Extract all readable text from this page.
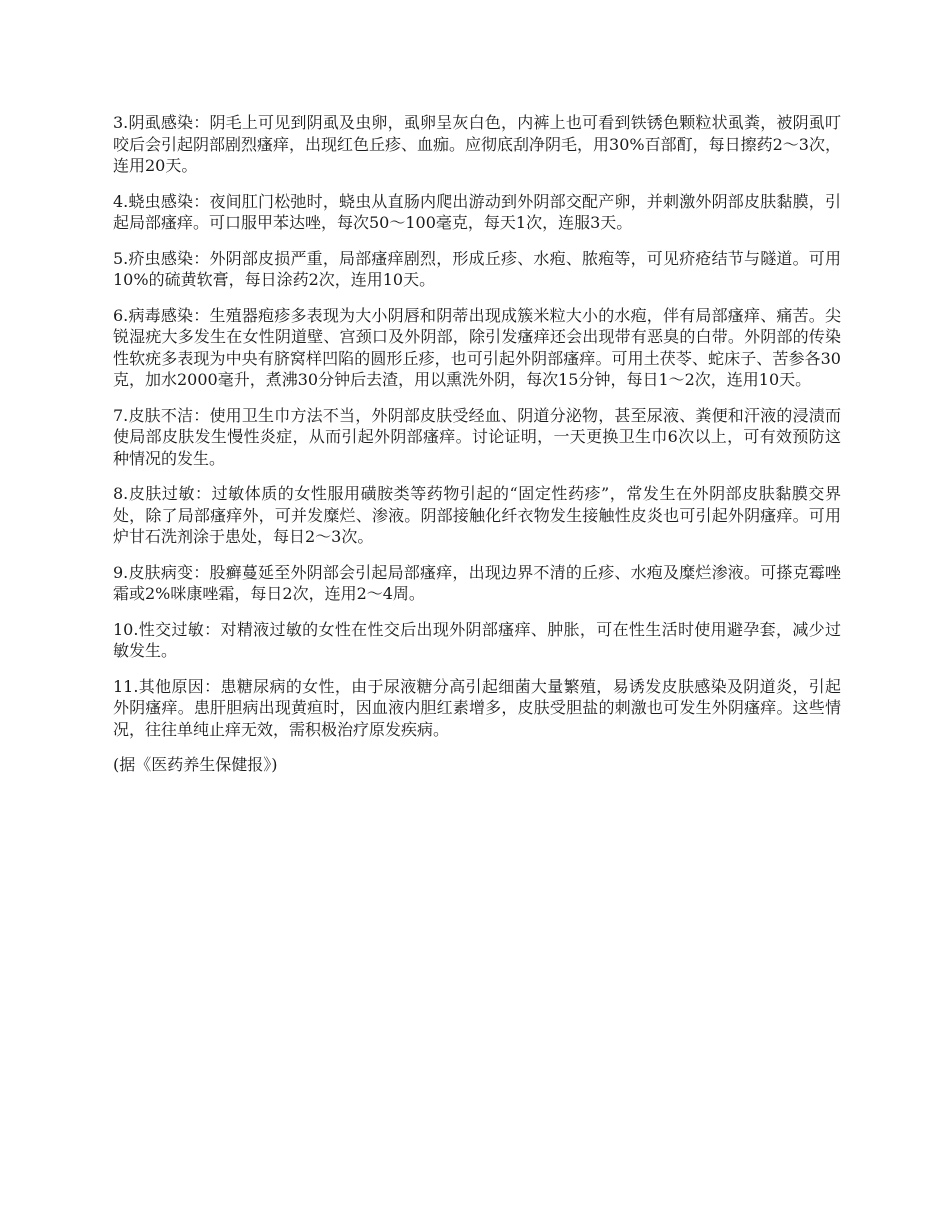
3.阴虱感染：阴毛上可见到阴虱及虫卵，虱卵呈灰白色，内裤上也可看到铁锈色颗粒状虱粪，被阴虱叮咬后会引起阴部剧烈瘙痒，出现红色丘疹、血痂。应彻底刮净阴毛，用30%百部酊，每日擦药2～3次，连用20天。

4.蛲虫感染：夜间肛门松弛时，蛲虫从直肠内爬出游动到外阴部交配产卵，并刺激外阴部皮肤黏膜，引起局部瘙痒。可口服甲苯达唑，每次50～100毫克，每天1次，连服3天。

5.疥虫感染：外阴部皮损严重，局部瘙痒剧烈，形成丘疹、水疱、脓疱等，可见疥疮结节与隧道。可用10%的硫黄软膏，每日涂药2次，连用10天。

6.病毒感染：生殖器疱疹多表现为大小阴唇和阴蒂出现成簇米粒大小的水疱，伴有局部瘙痒、痛苦。尖锐湿疣大多发生在女性阴道壁、宫颈口及外阴部，除引发瘙痒还会出现带有恶臭的白带。外阴部的传染性软疣多表现为中央有脐窝样凹陷的圆形丘疹，也可引起外阴部瘙痒。可用土茯苓、蛇床子、苦参各30克，加水2000毫升，煮沸30分钟后去渣，用以熏洗外阴，每次15分钟，每日1～2次，连用10天。

7.皮肤不洁：使用卫生巾方法不当，外阴部皮肤受经血、阴道分泌物，甚至尿液、粪便和汗液的浸渍而使局部皮肤发生慢性炎症，从而引起外阴部瘙痒。讨论证明，一天更换卫生巾6次以上，可有效预防这种情况的发生。

8.皮肤过敏：过敏体质的女性服用磺胺类等药物引起的“固定性药疹”，常发生在外阴部皮肤黏膜交界处，除了局部瘙痒外，可并发糜烂、渗液。阴部接触化纤衣物发生接触性皮炎也可引起外阴瘙痒。可用炉甘石洗剂涂于患处，每日2～3次。

9.皮肤病变：股癣蔓延至外阴部会引起局部瘙痒，出现边界不清的丘疹、水疱及糜烂渗液。可搽克霉唑霜或2%咪康唑霜，每日2次，连用2～4周。

10.性交过敏：对精液过敏的女性在性交后出现外阴部瘙痒、肿胀，可在性生活时使用避孕套，减少过敏发生。

11.其他原因：患糖尿病的女性，由于尿液糖分高引起细菌大量繁殖，易诱发皮肤感染及阴道炎，引起外阴瘙痒。患肝胆病出现黄疸时，因血液内胆红素增多，皮肤受胆盐的刺激也可发生外阴瘙痒。这些情况，往往单纯止痒无效，需积极治疗原发疾病。

(据《医药养生保健报》)
